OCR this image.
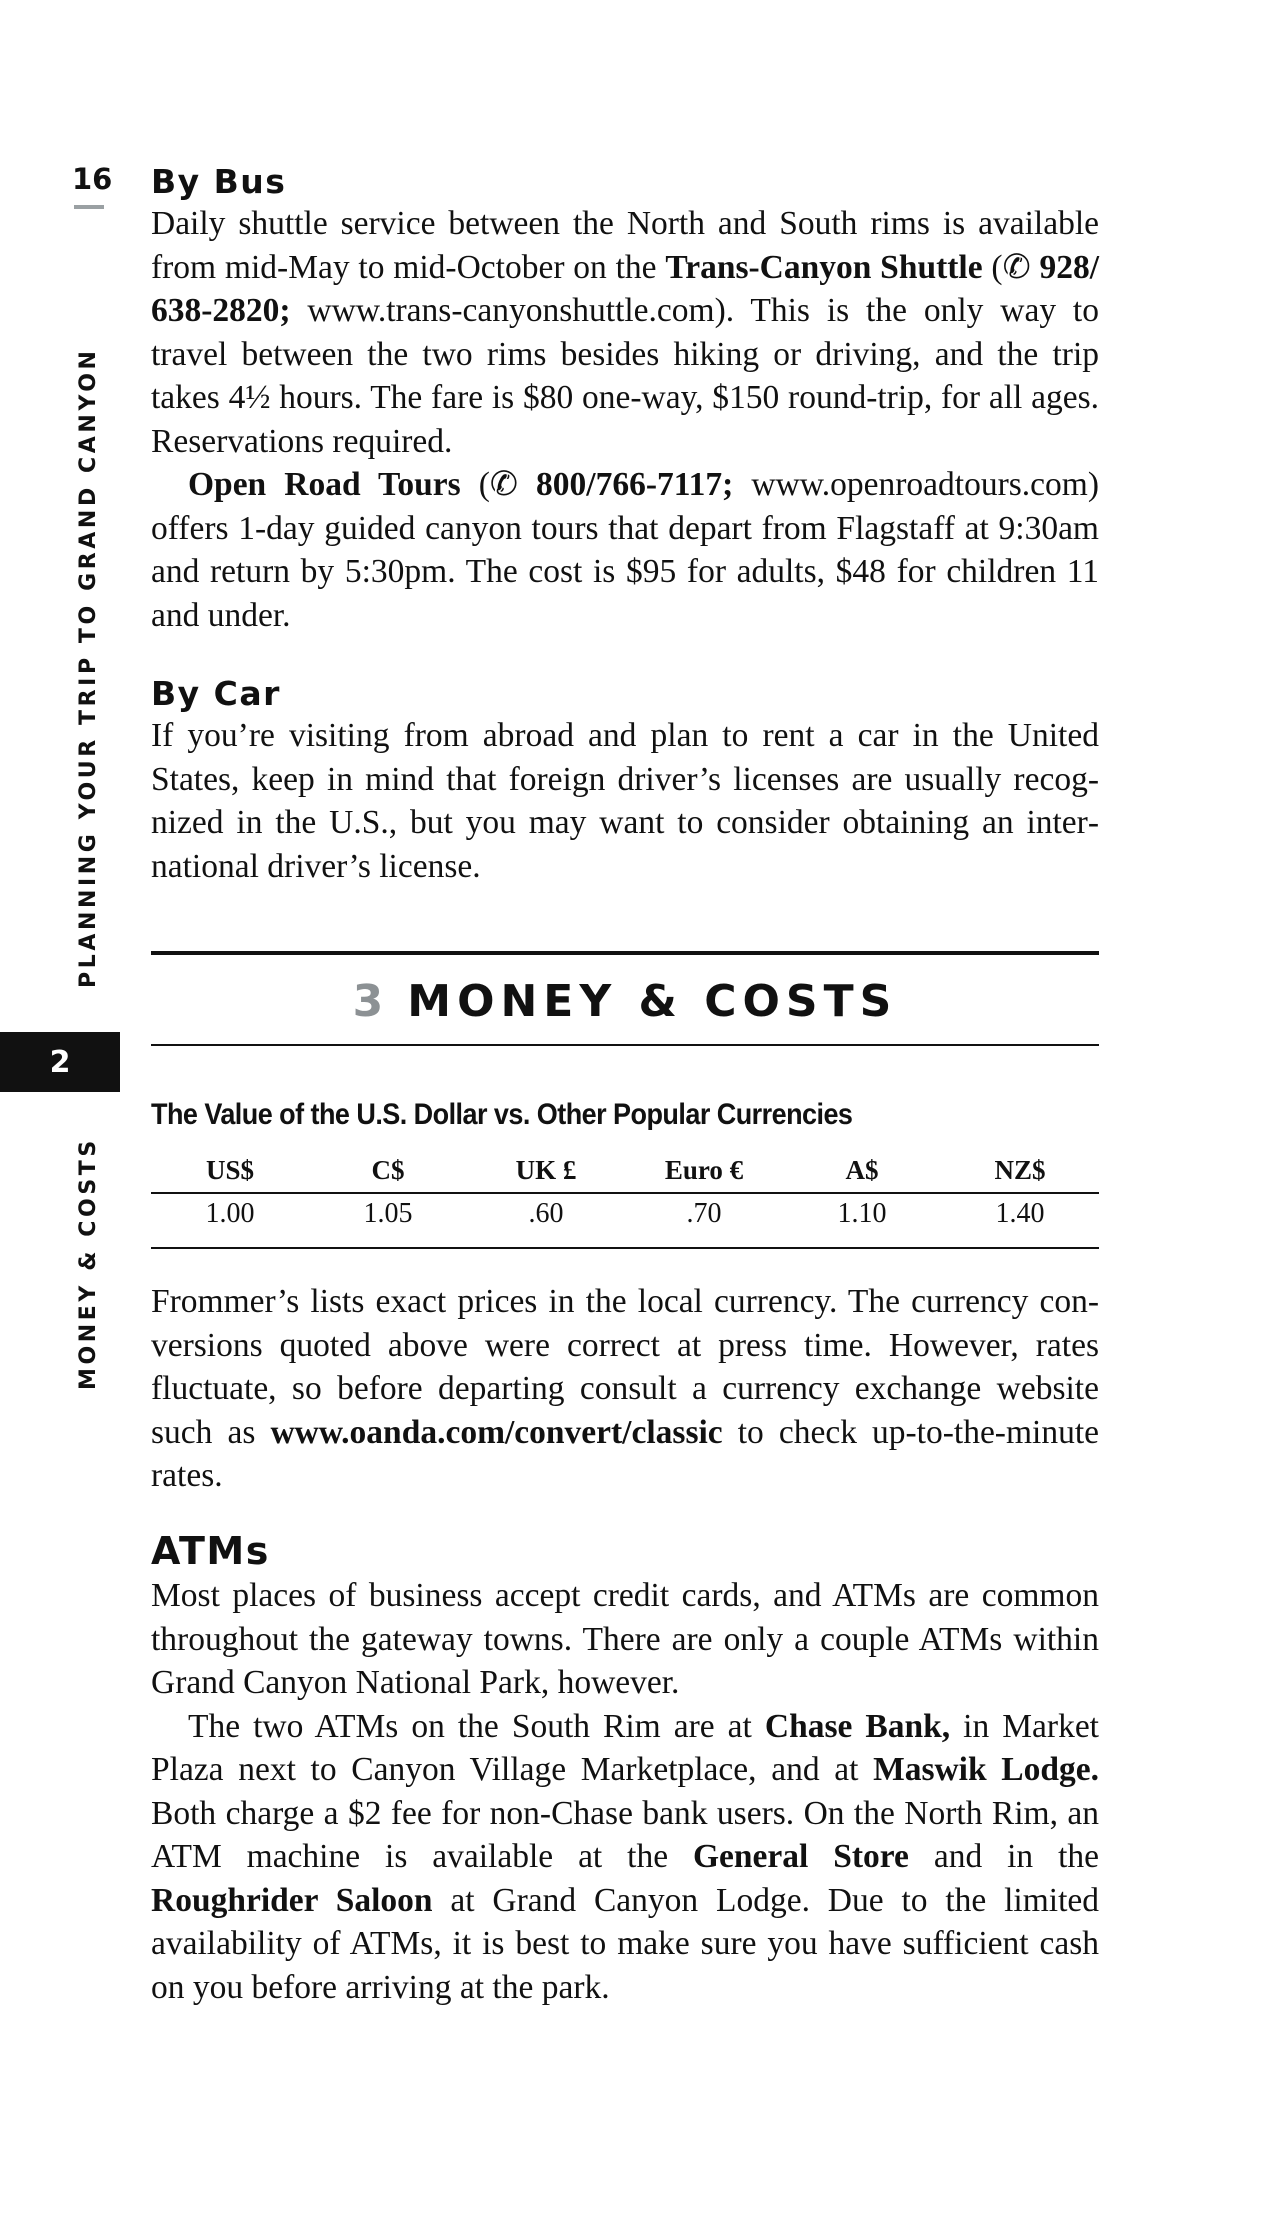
16
PLANNING YOUR TRIP TO GRAND CANYON
2
MONEY & COSTS
By Bus

Daily shuttle service between the North and South rims is available from mid-May to mid-October on the Trans-Canyon Shuttle (✆ 928/ 638-2820; www.trans-canyonshuttle.com). This is the only way to travel between the two rims besides hiking or driving, and the trip takes 4½ hours. The fare is $80 one-way, $150 round-trip, for all ages. Reservations required.

Open Road Tours (✆ 800/766-7117; www.openroadtours.com) offers 1-day guided canyon tours that depart from Flagstaff at 9:30am and return by 5:30pm. The cost is $95 for adults, $48 for children 11 and under.

By Car

If you’re visiting from abroad and plan to rent a car in the United States, keep in mind that foreign driver’s licenses are usually recognized in the U.S., but you may want to consider obtaining an international driver’s license.

3 MONEY & COSTS
The Value of the U.S. Dollar vs. Other Popular Currencies
US$	C$	UK £	Euro €	A$	NZ$
1.00	1.05	.60	.70	1.10	1.40

Frommer’s lists exact prices in the local currency. The currency conversions quoted above were correct at press time. However, rates fluctuate, so before departing consult a currency exchange website such as www.oanda.com/convert/classic to check up-to-the-minute rates.

ATMs

Most places of business accept credit cards, and ATMs are common throughout the gateway towns. There are only a couple ATMs within Grand Canyon National Park, however.

The two ATMs on the South Rim are at Chase Bank, in Market Plaza next to Canyon Village Marketplace, and at Maswik Lodge. Both charge a $2 fee for non-Chase bank users. On the North Rim, an ATM machine is available at the General Store and in the Roughrider Saloon at Grand Canyon Lodge. Due to the limited availability of ATMs, it is best to make sure you have sufficient cash on you before arriving at the park.
